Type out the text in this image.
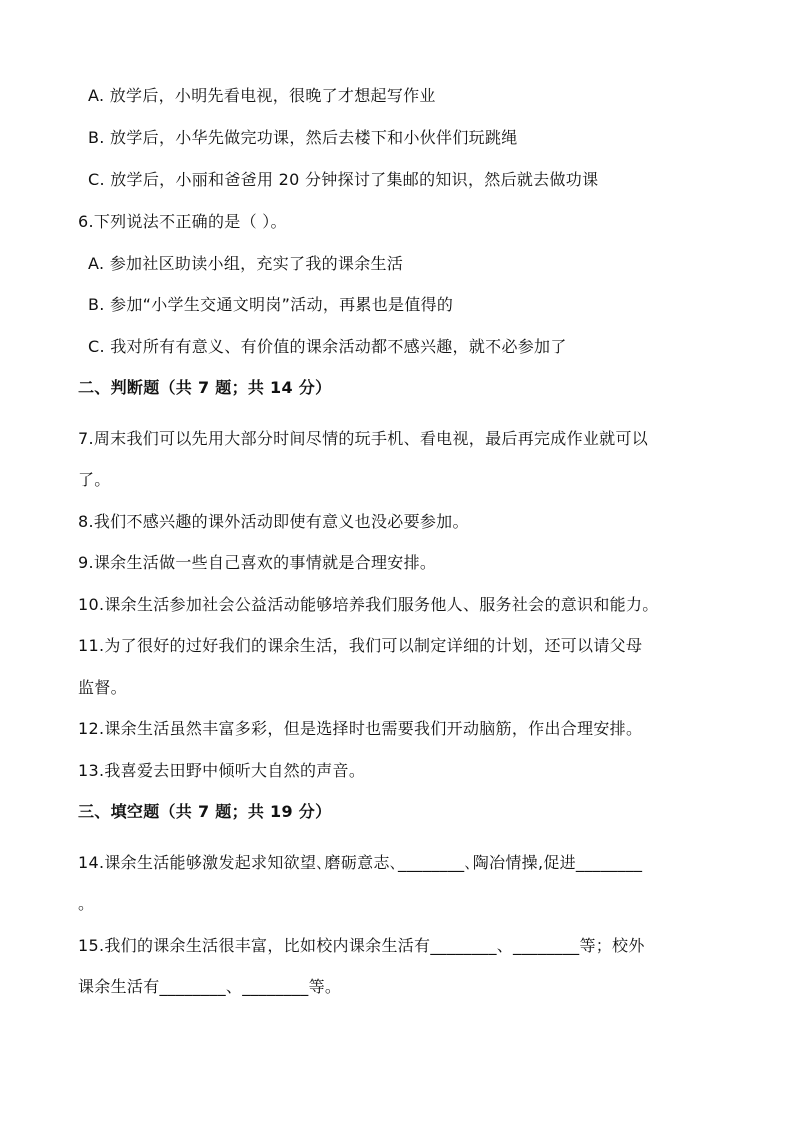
A. 放学后，小明先看电视，很晚了才想起写作业
B. 放学后，小华先做完功课，然后去楼下和小伙伴们玩跳绳
C. 放学后，小丽和爸爸用 20 分钟探讨了集邮的知识，然后就去做功课
6.下列说法不正确的是（ ）。
A. 参加社区助读小组，充实了我的课余生活
B. 参加“小学生交通文明岗”活动，再累也是值得的
C. 我对所有有意义、有价值的课余活动都不感兴趣，就不必参加了
二、判断题（共 7 题；共 14 分）
7.周末我们可以先用大部分时间尽情的玩手机、看电视，最后再完成作业就可以
了。
8.我们不感兴趣的课外活动即使有意义也没必要参加。
9.课余生活做一些自己喜欢的事情就是合理安排。
10.课余生活参加社会公益活动能够培养我们服务他人、服务社会的意识和能力。
11.为了很好的过好我们的课余生活，我们可以制定详细的计划，还可以请父母
监督。
12.课余生活虽然丰富多彩，但是选择时也需要我们开动脑筋，作出合理安排。
13.我喜爱去田野中倾听大自然的声音。
三、填空题（共 7 题；共 19 分）
14.课余生活能够激发起求知欲望､磨砺意志､________､陶冶情操,促进________
。
15.我们的课余生活很丰富，比如校内课余生活有________、________等；校外
课余生活有________、________等。
